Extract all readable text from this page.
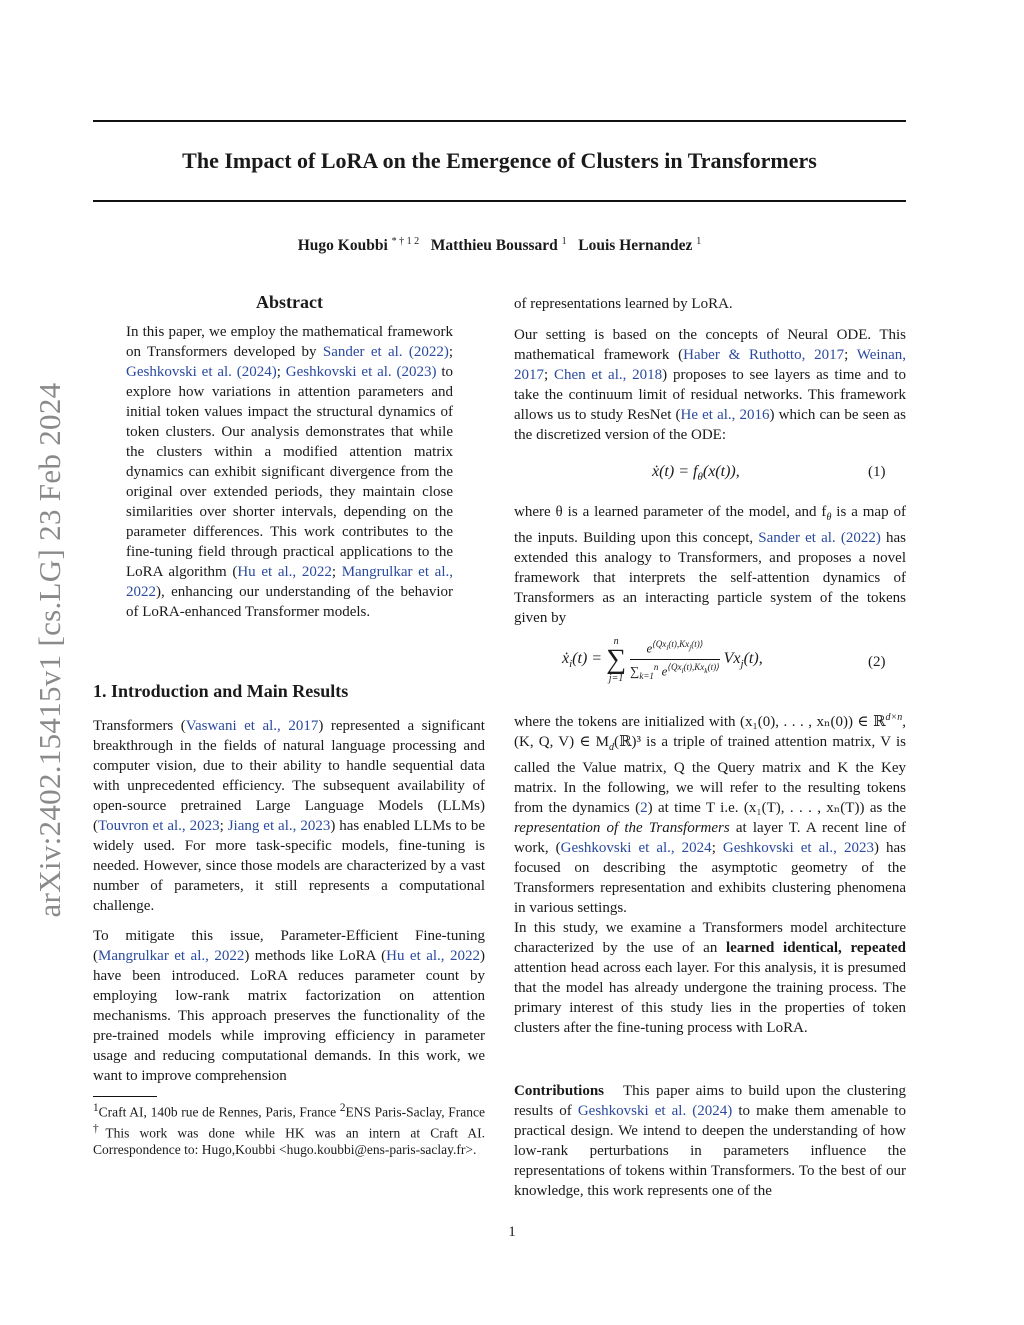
The Impact of LoRA on the Emergence of Clusters in Transformers
Hugo Koubbi $^{* \dagger 1 2}$ Matthieu Boussard $^1$ Louis Hernandez $^1$
arXiv:2402.15415v1 [cs.LG] 23 Feb 2024
Abstract

In this paper, we employ the mathematical framework on Transformers developed by Sander et al. (2022); Geshkovski et al. (2024); Geshkovski et al. (2023) to explore how variations in attention parameters and initial token values impact the structural dynamics of token clusters. Our analysis demonstrates that while the clusters within a modified attention matrix dynamics can exhibit significant divergence from the original over extended periods, they maintain close similarities over shorter intervals, depending on the parameter differences. This work contributes to the fine-tuning field through practical applications to the LoRA algorithm (Hu et al., 2022; Mangrulkar et al., 2022), enhancing our understanding of the behavior of LoRA-enhanced Transformer models.

1. Introduction and Main Results

Transformers (Vaswani et al., 2017) represented a significant breakthrough in the fields of natural language processing and computer vision, due to their ability to handle sequential data with unprecedented efficiency. The subsequent availability of open-source pretrained Large Language Models (LLMs) (Touvron et al., 2023; Jiang et al., 2023) has enabled LLMs to be widely used. For more task-specific models, fine-tuning is needed. However, since those models are characterized by a vast number of parameters, it still represents a computational challenge.

To mitigate this issue, Parameter-Efficient Fine-tuning (Mangrulkar et al., 2022) methods like LoRA (Hu et al., 2022) have been introduced. LoRA reduces parameter count by employing low-rank matrix factorization on attention mechanisms. This approach preserves the functionality of the pre-trained models while improving efficiency in parameter usage and reducing computational demands. In this work, we want to improve comprehension

$^1$Craft AI, 140b rue de Rennes, Paris, France $^2$ENS Paris-Saclay, France †This work was done while HK was an intern at Craft AI. Correspondence to: Hugo,Koubbi <hugo.koubbi@ens-paris-saclay.fr>.

of representations learned by LoRA.

Our setting is based on the concepts of Neural ODE. This mathematical framework (Haber & Ruthotto, 2017; Weinan, 2017; Chen et al., 2018) proposes to see layers as time and to take the continuum limit of residual networks. This framework allows us to study ResNet (He et al., 2016) which can be seen as the discretized version of the ODE:

ẋ(t) = $f_\theta(x(t))$,	(1)

where θ is a learned parameter of the model, and $f_\theta$ is a map of the inputs. Building upon this concept, Sander et al. (2022) has extended this analogy to Transformers, and proposes a novel framework that interprets the self-attention dynamics of Transformers as an interacting particle system of the tokens given by

ẋ$_i$(t) =
n
∑
j=1
$\frac{e^{⟨Qx_i(t),Kx_j(t)⟩}}{\sum_{k=1}^n e^{⟨Qx_i(t),Kx_k(t)⟩}} Vx_j(t)$,	(2)

where the tokens are initialized with (x₁(0), . . . , xₙ(0)) ∈ ℝ$^{d\times n}$, (K, Q, V) ∈ $M_d(ℝ)^3$ is a triple of trained attention matrix, V is called the Value matrix, Q the Query matrix and K the Key matrix. In the following, we will refer to the resulting tokens from the dynamics (2) at time T i.e. (x₁(T), . . . , xₙ(T)) as the representation of the Transformers at layer T. A recent line of work, (Geshkovski et al., 2024; Geshkovski et al., 2023) has focused on describing the asymptotic geometry of the Transformers representation and exhibits clustering phenomena in various settings.

In this study, we examine a Transformers model architecture characterized by the use of an learned identical, repeated attention head across each layer. For this analysis, it is presumed that the model has already undergone the training process. The primary interest of this study lies in the properties of token clusters after the fine-tuning process with LoRA.

Contributions   This paper aims to build upon the clustering results of Geshkovski et al. (2024) to make them amenable to practical design. We intend to deepen the understanding of how low-rank perturbations in parameters influence the representations of tokens within Transformers. To the best of our knowledge, this work represents one of the

1
